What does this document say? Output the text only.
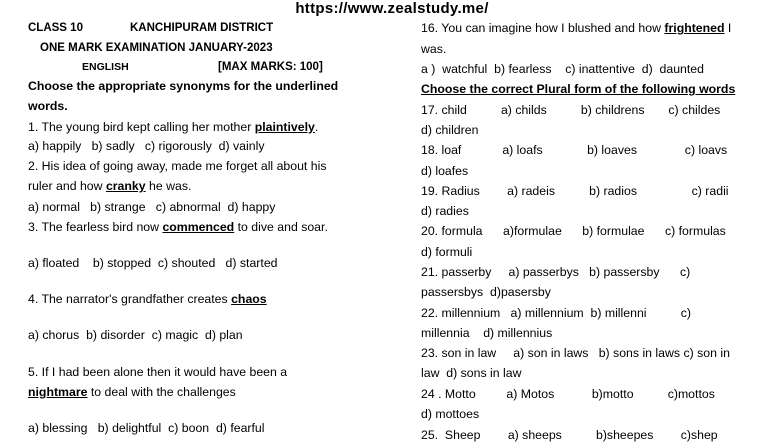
https://www.zealstudy.me/
CLASS 10	KANCHIPURAM DISTRICT
ONE MARK EXAMINATION JANUARY-2023
ENGLISH	[MAX MARKS: 100]
Choose the appropriate synonyms for the underlined
words.
1. The young bird kept calling her mother plaintively.
a) happily   b) sadly   c) rigorously  d) vainly
2. His idea of going away, made me forget all about his
ruler and how cranky he was.
a) normal   b) strange   c) abnormal  d) happy
3. The fearless bird now commenced to dive and soar.
a) floated    b) stopped  c) shouted   d) started
4. The narrator's grandfather creates chaos
a) chorus  b) disorder  c) magic  d) plan
5. If I had been alone then it would have been a
nightmare to deal with the challenges
a) blessing   b) delightful  c) boon  d) fearful
16. You can imagine how I blushed and how frightened I
was.
a )  watchful  b) fearless    c) inattentive  d)  daunted
Choose the correct Plural form of the following words
17. child          a) childs          b) childrens       c) childes
d) children
18. loaf            a) loafs             b) loaves              c) loavs
d) loafes
19. Radius        a) radeis          b) radios                c) radii
d) radies
20. formula      a)formulae      b) formulae      c) formulas
d) formuli
21. passerby     a) passerbys   b) passersby      c)
passersbys  d)pasersby
22. millennium   a) millennium  b) millenni          c)
millennia    d) millennius
23. son in law     a) son in laws   b) sons in laws c) son in
law  d) sons in law
24 . Motto         a) Motos           b)motto          c)mottos
d) mottoes
25.  Sheep        a) sheeps          b)sheepes        c)shep
